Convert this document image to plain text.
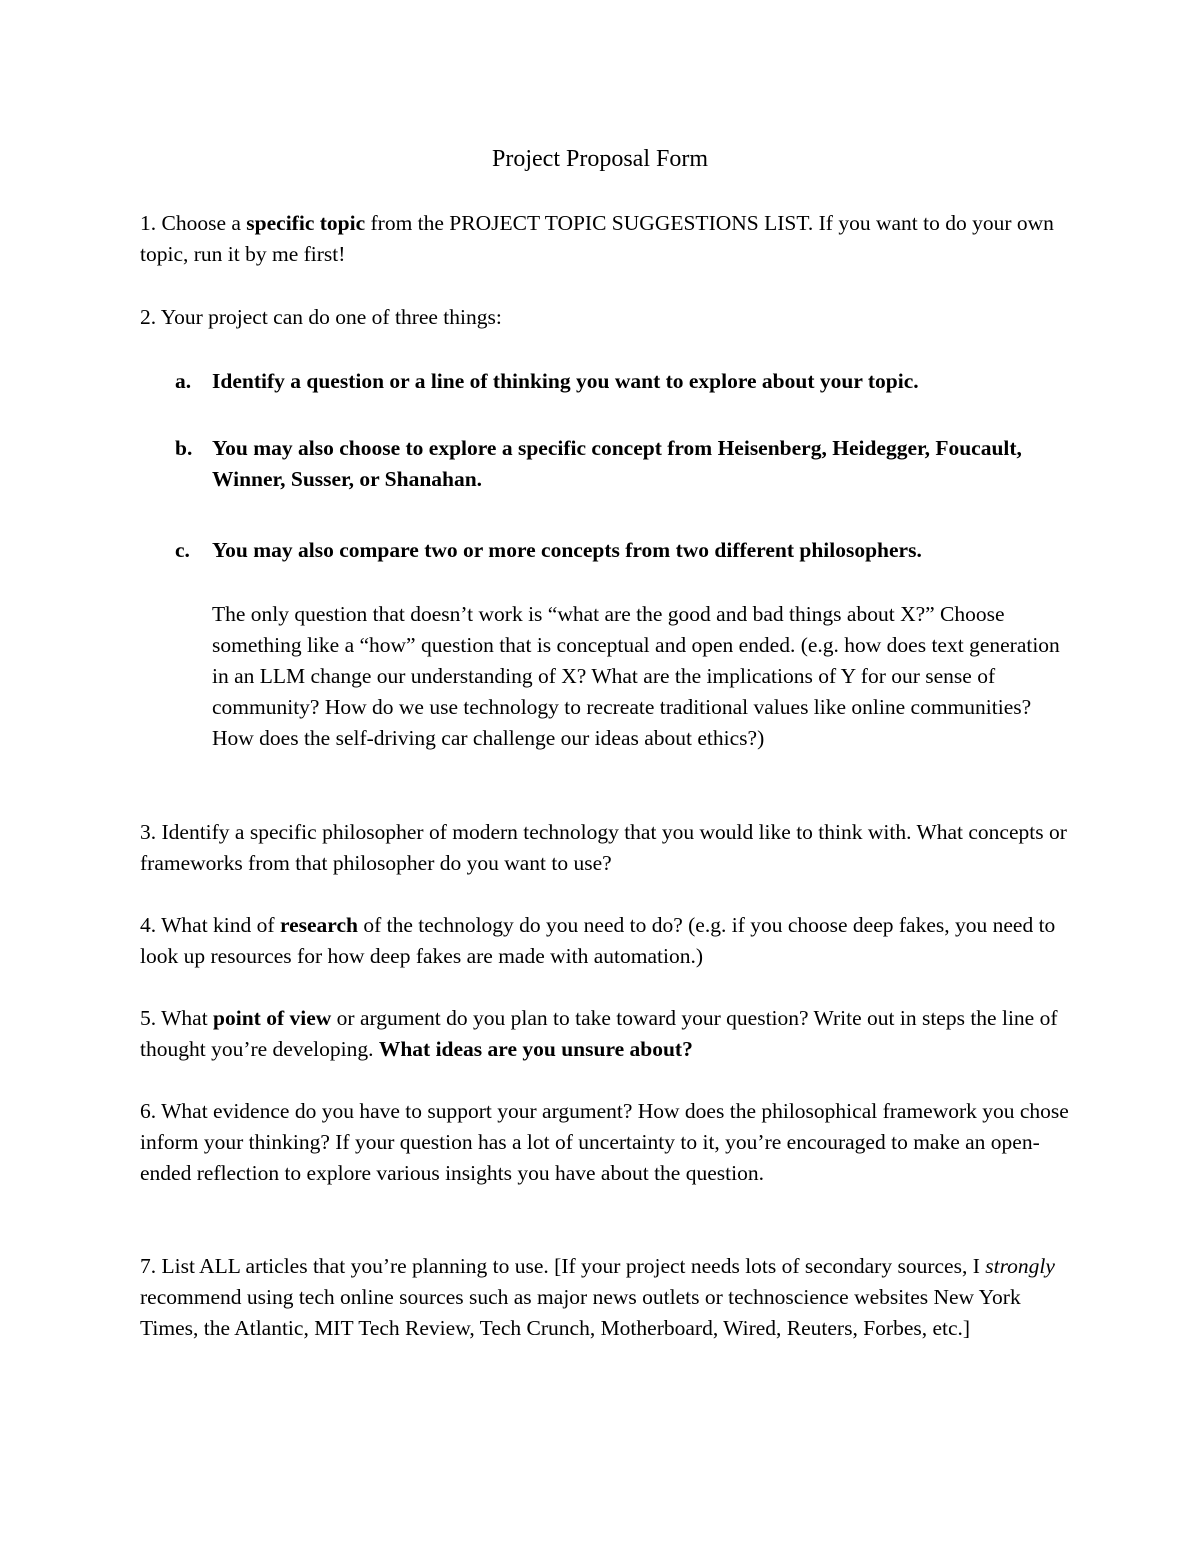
Project Proposal Form

1. Choose a specific topic from the PROJECT TOPIC SUGGESTIONS LIST. If you want to do your own topic, run it by me first!

2. Your project can do one of three things:

a. Identify a question or a line of thinking you want to explore about your topic.
b. You may also choose to explore a specific concept from Heisenberg, Heidegger, Foucault, Winner, Susser, or Shanahan.
c.	You may also compare two or more concepts from two different philosophers.

The only question that doesn’t work is “what are the good and bad things about X?” Choose something like a “how” question that is conceptual and open ended. (e.g. how does text generation in an LLM change our understanding of X? What are the implications of Y for our sense of community? How do we use technology to recreate traditional values like online communities? How does the self-driving car challenge our ideas about ethics?)

3. Identify a specific philosopher of modern technology that you would like to think with. What concepts or frameworks from that philosopher do you want to use?

4. What kind of research of the technology do you need to do? (e.g. if you choose deep fakes, you need to look up resources for how deep fakes are made with automation.)

5. What point of view or argument do you plan to take toward your question? Write out in steps the line of thought you’re developing. What ideas are you unsure about?

6. What evidence do you have to support your argument? How does the philosophical framework you chose inform your thinking? If your question has a lot of uncertainty to it, you’re encouraged to make an open-ended reflection to explore various insights you have about the question.

7. List ALL articles that you’re planning to use. [If your project needs lots of secondary sources, I strongly recommend using tech online sources such as major news outlets or technoscience websites New York Times, the Atlantic, MIT Tech Review, Tech Crunch, Motherboard, Wired, Reuters, Forbes, etc.]
